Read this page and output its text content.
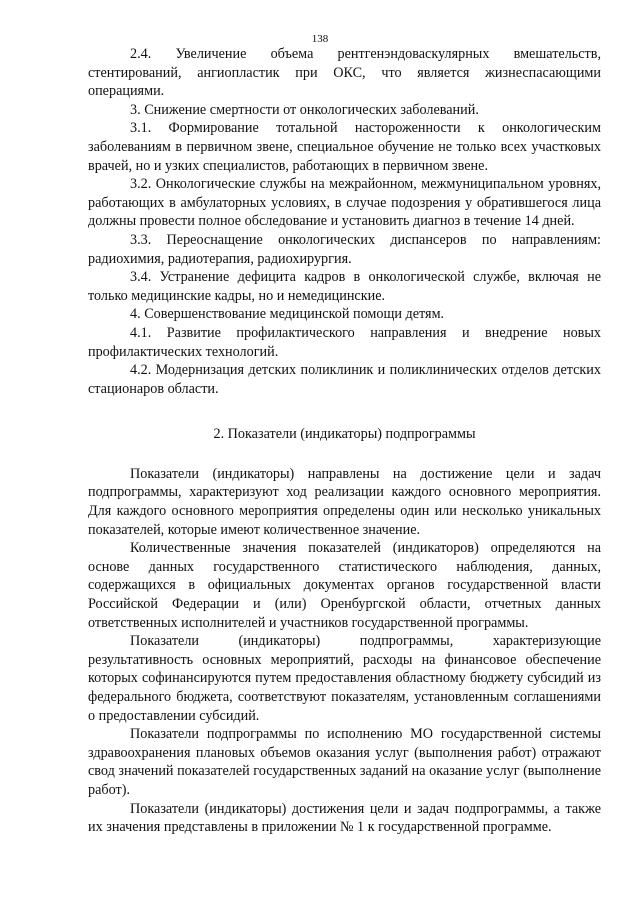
138

2.4. Увеличение объема рентгенэндоваскулярных вмешательств, стентирований, ангиопластик при ОКС, что является жизнеспасающими операциями.

3. Снижение смертности от онкологических заболеваний.

3.1. Формирование тотальной настороженности к онкологическим заболеваниям в первичном звене, специальное обучение не только всех участковых врачей, но и узких специалистов, работающих в первичном звене.

3.2. Онкологические службы на межрайонном, межмуниципальном уровнях, работающих в амбулаторных условиях, в случае подозрения у обратившегося лица должны провести полное обследование и установить диагноз в течение 14 дней.

3.3. Переоснащение онкологических диспансеров по направлениям: радиохимия, радиотерапия, радиохирургия.

3.4. Устранение дефицита кадров в онкологической службе, включая не только медицинские кадры, но и немедицинские.

4. Совершенствование медицинской помощи детям.

4.1. Развитие профилактического направления и внедрение новых профилактических технологий.

4.2. Модернизация детских поликлиник и поликлинических отделов детских стационаров области.

2. Показатели (индикаторы) подпрограммы

Показатели (индикаторы) направлены на достижение цели и задач подпрограммы, характеризуют ход реализации каждого основного мероприятия. Для каждого основного мероприятия определены один или несколько уникальных показателей, которые имеют количественное значение.

Количественные значения показателей (индикаторов) определяются на основе данных государственного статистического наблюдения, данных, содержащихся в официальных документах органов государственной власти Российской Федерации и (или) Оренбургской области, отчетных данных ответственных исполнителей и участников государственной программы.

Показатели (индикаторы) подпрограммы, характеризующие результативность основных мероприятий, расходы на финансовое обеспечение которых софинансируются путем предоставления областному бюджету субсидий из федерального бюджета, соответствуют показателям, установленным соглашениями о предоставлении субсидий.

Показатели подпрограммы по исполнению МО государственной системы здравоохранения плановых объемов оказания услуг (выполнения работ) отражают свод значений показателей государственных заданий на оказание услуг (выполнение работ).

Показатели (индикаторы) достижения цели и задач подпрограммы, а также их значения представлены в приложении № 1 к государственной программе.
